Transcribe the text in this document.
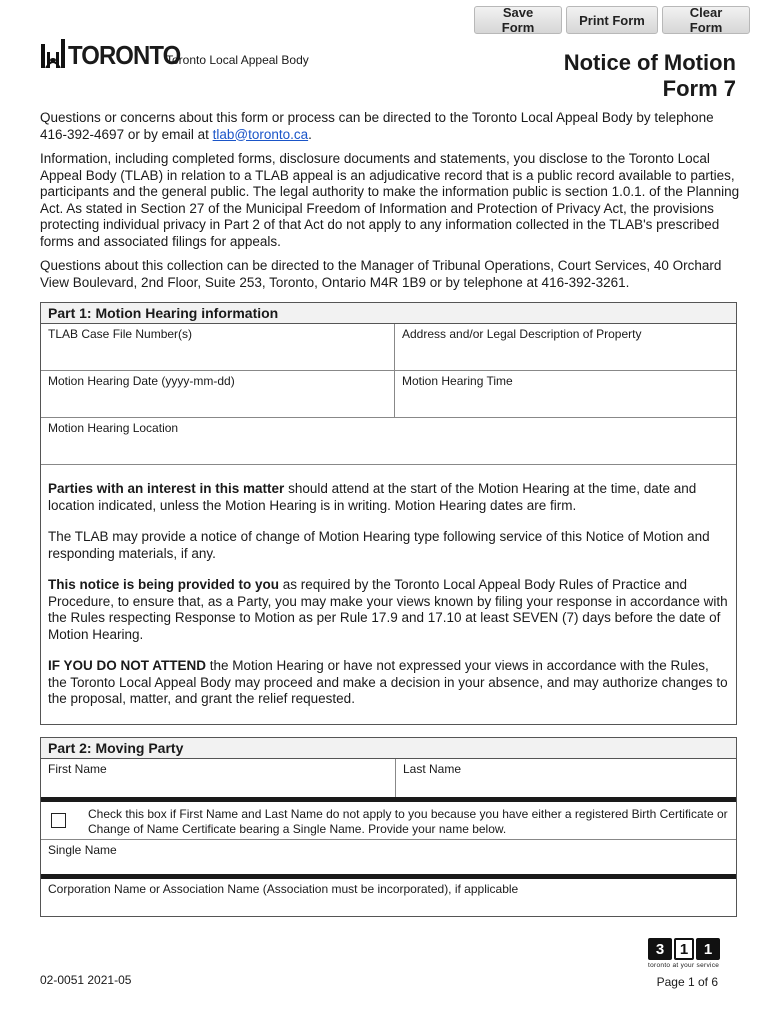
Save Form	Print Form	Clear Form
TORONTO
Toronto Local Appeal Body	Notice of Motion
Form 7
Questions or concerns about this form or process can be directed to the Toronto Local Appeal Body by telephone 416-392-4697 or by email at tlab@toronto.ca.
Information, including completed forms, disclosure documents and statements, you disclose to the Toronto Local Appeal Body (TLAB) in relation to a TLAB appeal is an adjudicative record that is a public record available to parties, participants and the general public. The legal authority to make the information public is section 1.0.1. of the Planning Act. As stated in Section 27 of the Municipal Freedom of Information and Protection of Privacy Act, the provisions protecting individual privacy in Part 2 of that Act do not apply to any information collected in the TLAB's prescribed forms and associated filings for appeals.
Questions about this collection can be directed to the Manager of Tribunal Operations, Court Services, 40 Orchard View Boulevard, 2nd Floor, Suite 253, Toronto, Ontario M4R 1B9 or by telephone at 416-392-3261.
Part 1: Motion Hearing information
TLAB Case File Number(s)	Address and/or Legal Description of Property
Motion Hearing Date (yyyy-mm-dd)	Motion Hearing Time
Motion Hearing Location

Parties with an interest in this matter should attend at the start of the Motion Hearing at the time, date and location indicated, unless the Motion Hearing is in writing. Motion Hearing dates are firm.

The TLAB may provide a notice of change of Motion Hearing type following service of this Notice of Motion and responding materials, if any.

This notice is being provided to you as required by the Toronto Local Appeal Body Rules of Practice and Procedure, to ensure that, as a Party, you may make your views known by filing your response in accordance with the Rules respecting Response to Motion as per Rule 17.9 and 17.10 at least SEVEN (7) days before the date of Motion Hearing.

IF YOU DO NOT ATTEND the Motion Hearing or have not expressed your views in accordance with the Rules, the Toronto Local Appeal Body may proceed and make a decision in your absence, and may authorize changes to the proposal, matter, and grant the relief requested.

Part 2: Moving Party
First Name	Last Name
Check this box if First Name and Last Name do not apply to you because you have either a registered Birth Certificate or Change of Name Certificate bearing a Single Name. Provide your name below.
Single Name
Corporation Name or Association Name (Association must be incorporated), if applicable
3	1	1
toronto at your service
02-0051 2021-05	Page 1 of 6
